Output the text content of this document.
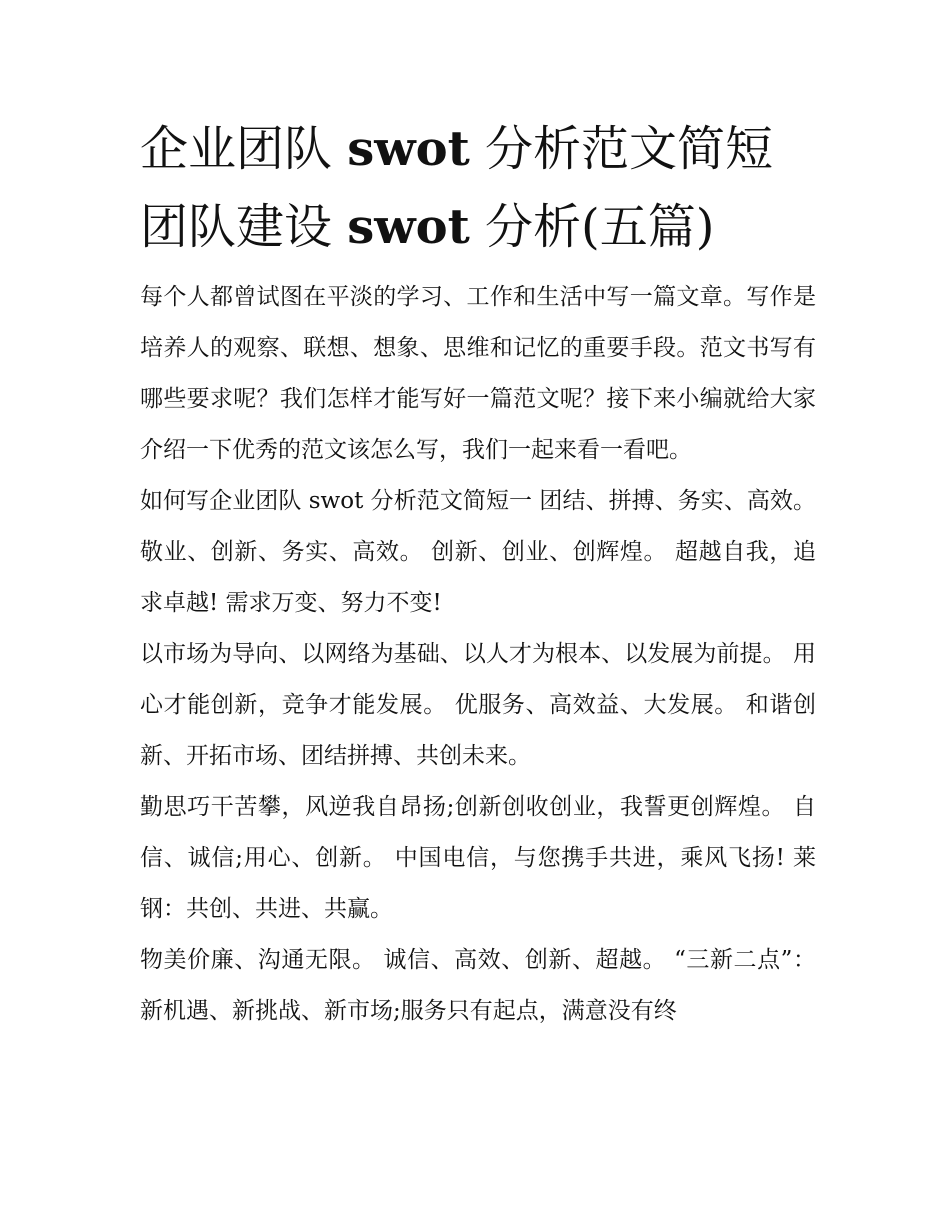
企业团队 swot 分析范文简短
团队建设 swot 分析(五篇)

每个人都曾试图在平淡的学习、工作和生活中写一篇文章。写作是培养人的观察、联想、想象、思维和记忆的重要手段。范文书写有哪些要求呢？我们怎样才能写好一篇范文呢？接下来小编就给大家介绍一下优秀的范文该怎么写，我们一起来看一看吧。

如何写企业团队 swot 分析范文简短一 团结、拼搏、务实、高效。 敬业、创新、务实、高效。 创新、创业、创辉煌。 超越自我，追求卓越! 需求万变、努力不变!

以市场为导向、以网络为基础、以人才为根本、以发展为前提。 用心才能创新，竞争才能发展。 优服务、高效益、大发展。 和谐创新、开拓市场、团结拼搏、共创未来。

勤思巧干苦攀，风逆我自昂扬;创新创收创业，我誓更创辉煌。 自信、诚信;用心、创新。 中国电信，与您携手共进，乘风飞扬! 莱钢：共创、共进、共赢。

物美价廉、沟通无限。 诚信、高效、创新、超越。 “三新二点”：新机遇、新挑战、新市场;服务只有起点，满意没有终
